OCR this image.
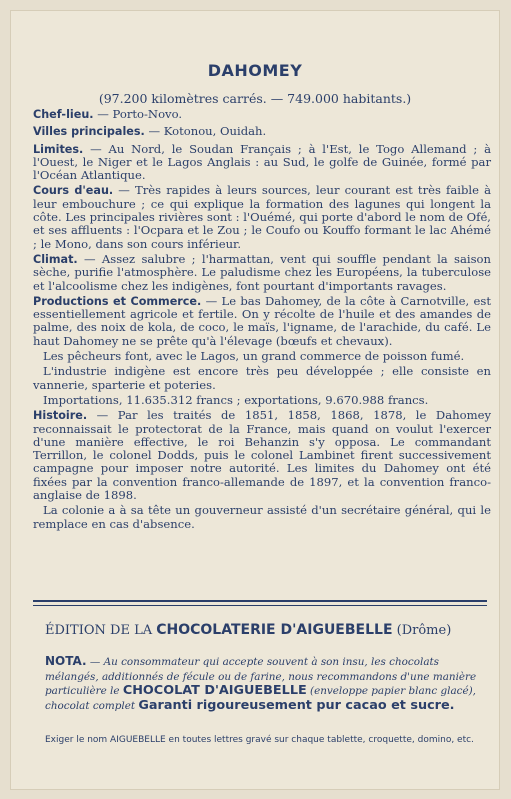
DAHOMEY
(97.200 kilomètres carrés. — 749.000 habitants.)

Chef-lieu. — Porto-Novo.

Villes principales. — Kotonou, Ouidah.

Limites. — Au Nord, le Soudan Français ; à l'Est, le Togo Allemand ; à l'Ouest, le Niger et le Lagos Anglais : au Sud, le golfe de Guinée, formé par l'Océan Atlantique.

Cours d'eau. — Très rapides à leurs sources, leur courant est très faible à leur embouchure ; ce qui explique la formation des lagunes qui longent la côte. Les principales rivières sont : l'Ouémé, qui porte d'abord le nom de Ofé, et ses affluents : l'Ocpara et le Zou ; le Coufo ou Kouffo formant le lac Ahémé ; le Mono, dans son cours inférieur.

Climat. — Assez salubre ; l'harmattan, vent qui souffle pendant la saison sèche, purifie l'atmosphère. Le paludisme chez les Européens, la tuberculose et l'alcoolisme chez les indigènes, font pourtant d'importants ravages.

Productions et Commerce. — Le bas Dahomey, de la côte à Carnotville, est essentiellement agricole et fertile. On y récolte de l'huile et des amandes de palme, des noix de kola, de coco, le maïs, l'igname, de l'arachide, du café. Le haut Dahomey ne se prête qu'à l'élevage (bœufs et chevaux).

Les pêcheurs font, avec le Lagos, un grand commerce de poisson fumé.

L'industrie indigène est encore très peu développée ; elle consiste en vannerie, sparterie et poteries.

Importations, 11.635.312 francs ; exportations, 9.670.988 francs.

Histoire. — Par les traités de 1851, 1858, 1868, 1878, le Dahomey reconnaissait le protectorat de la France, mais quand on voulut l'exercer d'une manière effective, le roi Behanzin s'y opposa. Le commandant Terrillon, le colonel Dodds, puis le colonel Lambinet firent successivement campagne pour imposer notre autorité. Les limites du Dahomey ont été fixées par la convention franco-allemande de 1897, et la convention franco-anglaise de 1898.

La colonie a à sa tête un gouverneur assisté d'un secrétaire général, qui le remplace en cas d'absence.

ÉDITION DE LA CHOCOLATERIE D'AIGUEBELLE (Drôme)
NOTA. — Au consommateur qui accepte souvent à son insu, les chocolats mélangés, additionnés de fécule ou de farine, nous recommandons d'une manière particulière le CHOCOLAT D'AIGUEBELLE (enveloppe papier blanc glacé), chocolat complet Garanti rigoureusement pur cacao et sucre.
Exiger le nom AIGUEBELLE en toutes lettres gravé sur chaque tablette, croquette, domino, etc.
